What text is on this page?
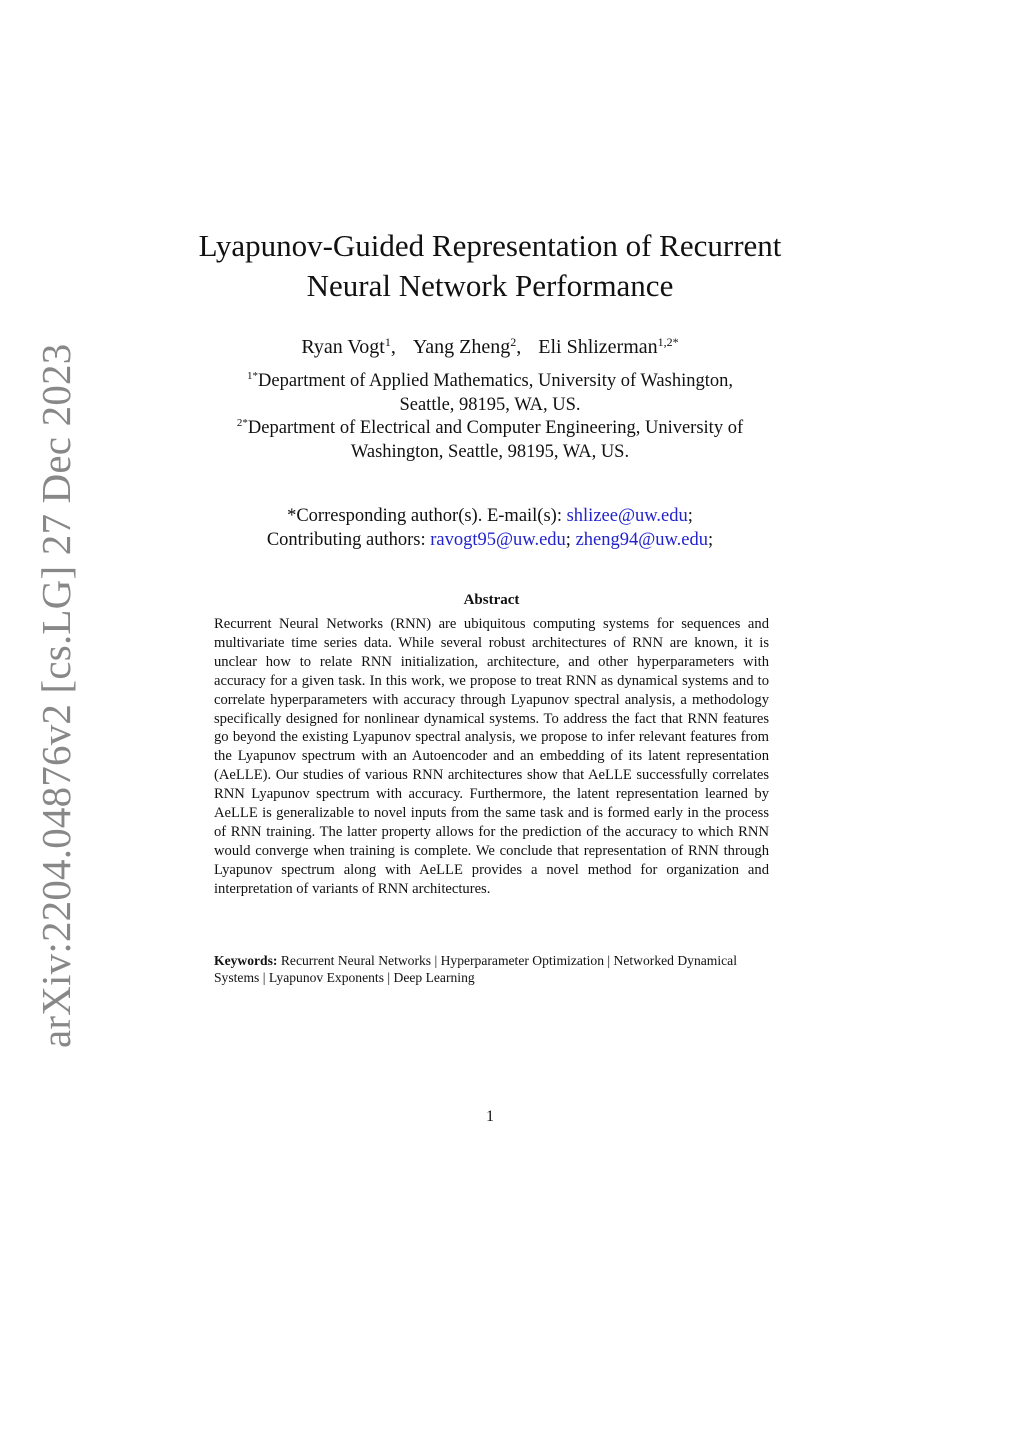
arXiv:2204.04876v2 [cs.LG] 27 Dec 2023
Lyapunov-Guided Representation of Recurrent
Neural Network Performance
Ryan Vogt$^1$, Yang Zheng$^2$, Eli Shlizerman$^{1,2*}$
$^{1*}$Department of Applied Mathematics, University of Washington,
Seattle, 98195, WA, US.
$^{2*}$Department of Electrical and Computer Engineering, University of
Washington, Seattle, 98195, WA, US.
*Corresponding author(s). E-mail(s): shlizee@uw.edu;
Contributing authors: ravogt95@uw.edu; zheng94@uw.edu;
Abstract

Recurrent Neural Networks (RNN) are ubiquitous computing systems for sequences and multivariate time series data. While several robust architectures of RNN are known, it is unclear how to relate RNN initialization, architecture, and other hyperparameters with accuracy for a given task. In this work, we propose to treat RNN as dynamical systems and to correlate hyperparameters with accuracy through Lyapunov spectral analysis, a methodology specifically designed for nonlinear dynamical systems. To address the fact that RNN features go beyond the existing Lyapunov spectral analysis, we propose to infer relevant features from the Lyapunov spectrum with an Autoencoder and an embedding of its latent representation (AeLLE). Our studies of various RNN architectures show that AeLLE successfully correlates RNN Lyapunov spectrum with accuracy. Furthermore, the latent representation learned by AeLLE is generalizable to novel inputs from the same task and is formed early in the process of RNN training. The latter property allows for the prediction of the accuracy to which RNN would converge when training is complete. We conclude that representation of RNN through Lyapunov spectrum along with AeLLE provides a novel method for organization and interpretation of variants of RNN architectures.

Keywords: Recurrent Neural Networks | Hyperparameter Optimization | Networked Dynamical Systems | Lyapunov Exponents | Deep Learning
1
